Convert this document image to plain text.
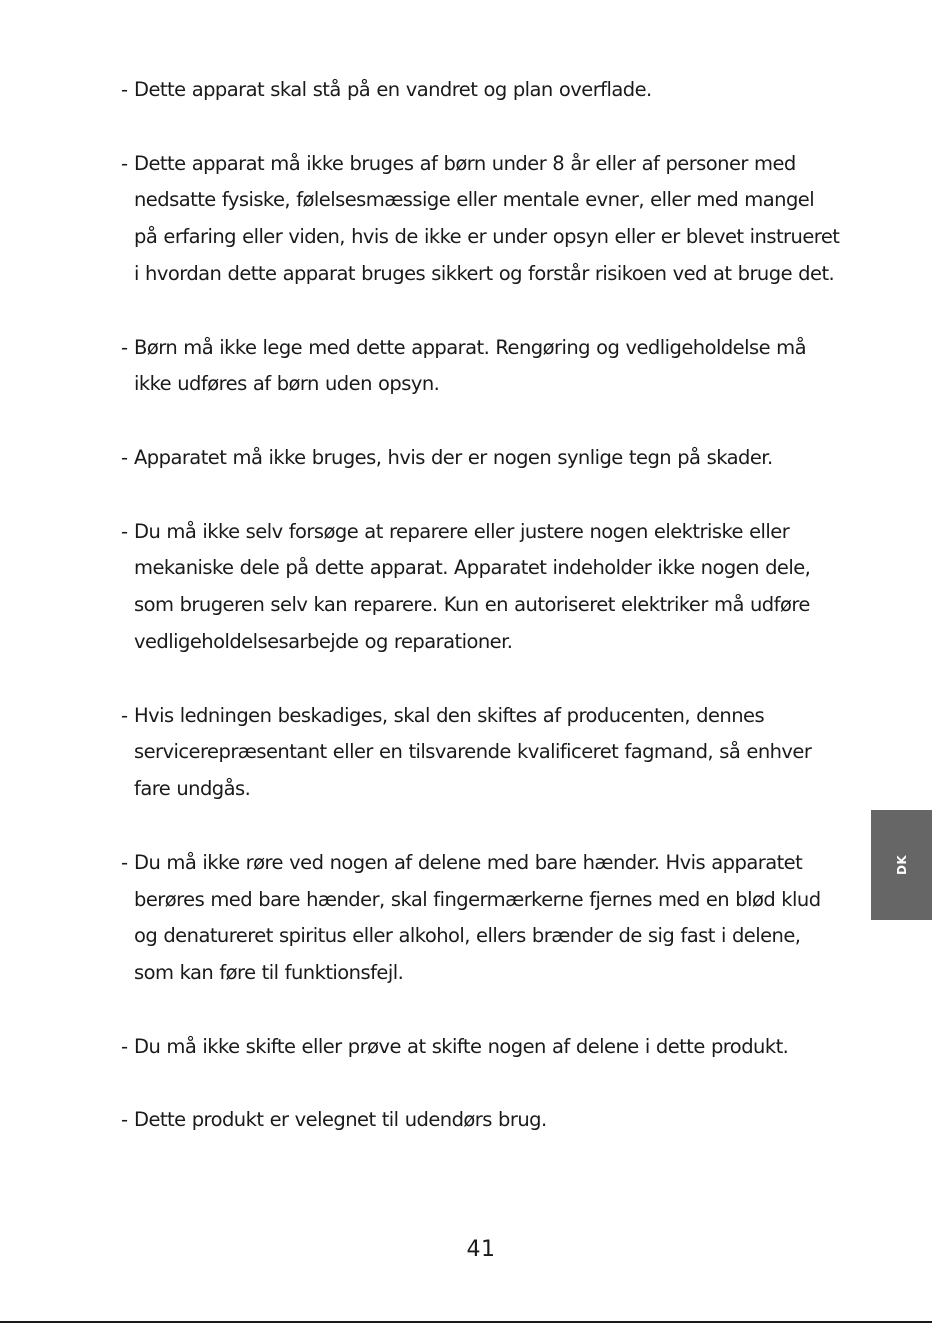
- Dette apparat skal stå på en vandret og plan overflade.
- Dette apparat må ikke bruges af børn under 8 år eller af personer med nedsatte fysiske, følelsesmæssige eller mentale evner, eller med mangel på erfaring eller viden, hvis de ikke er under opsyn eller er blevet instrueret i hvordan dette apparat bruges sikkert og forstår risikoen ved at bruge det.
- Børn må ikke lege med dette apparat. Rengøring og vedligeholdelse må ikke udføres af børn uden opsyn.
- Apparatet må ikke bruges, hvis der er nogen synlige tegn på skader.
- Du må ikke selv forsøge at reparere eller justere nogen elektriske eller mekaniske dele på dette apparat. Apparatet indeholder ikke nogen dele, som brugeren selv kan reparere. Kun en autoriseret elektriker må udføre vedligeholdelsesarbejde og reparationer.
- Hvis ledningen beskadiges, skal den skiftes af producenten, dennes servicerepræsentant eller en tilsvarende kvalificeret fagmand, så enhver fare undgås.
- Du må ikke røre ved nogen af delene med bare hænder. Hvis apparatet berøres med bare hænder, skal fingermærkerne fjernes med en blød klud og denatureret spiritus eller alkohol, ellers brænder de sig fast i delene, som kan føre til funktionsfejl.
- Du må ikke skifte eller prøve at skifte nogen af delene i dette produkt.
- Dette produkt er velegnet til udendørs brug.
DK
41
